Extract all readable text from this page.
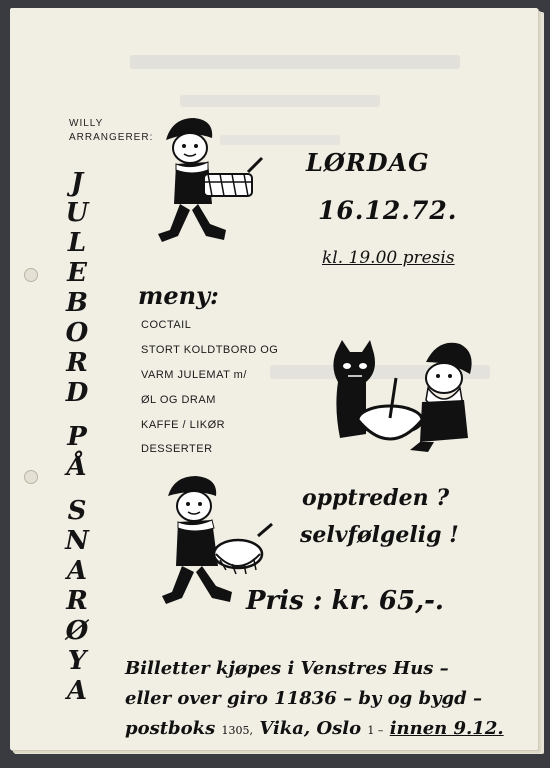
WILLY
ARRANGERER:
J
U
L
E
B
O
R
D

P
Å

S
N
A
R
Ø
Y
A
LØRDAG
16.12.72.
kl. 19.00 presis
meny:
COCTAIL
STORT KOLDTBORD OG
VARM JULEMAT m/
ØL OG DRAM
KAFFE / LIKØR
DESSERTER
opptreden ?
selvfølgelig !
Pris : kr. 65,-.
Billetter kjøpes i Venstres Hus –
eller over giro 11836 – by og bygd –
postboks 1305, Vika, Oslo 1 – innen 9.12.
